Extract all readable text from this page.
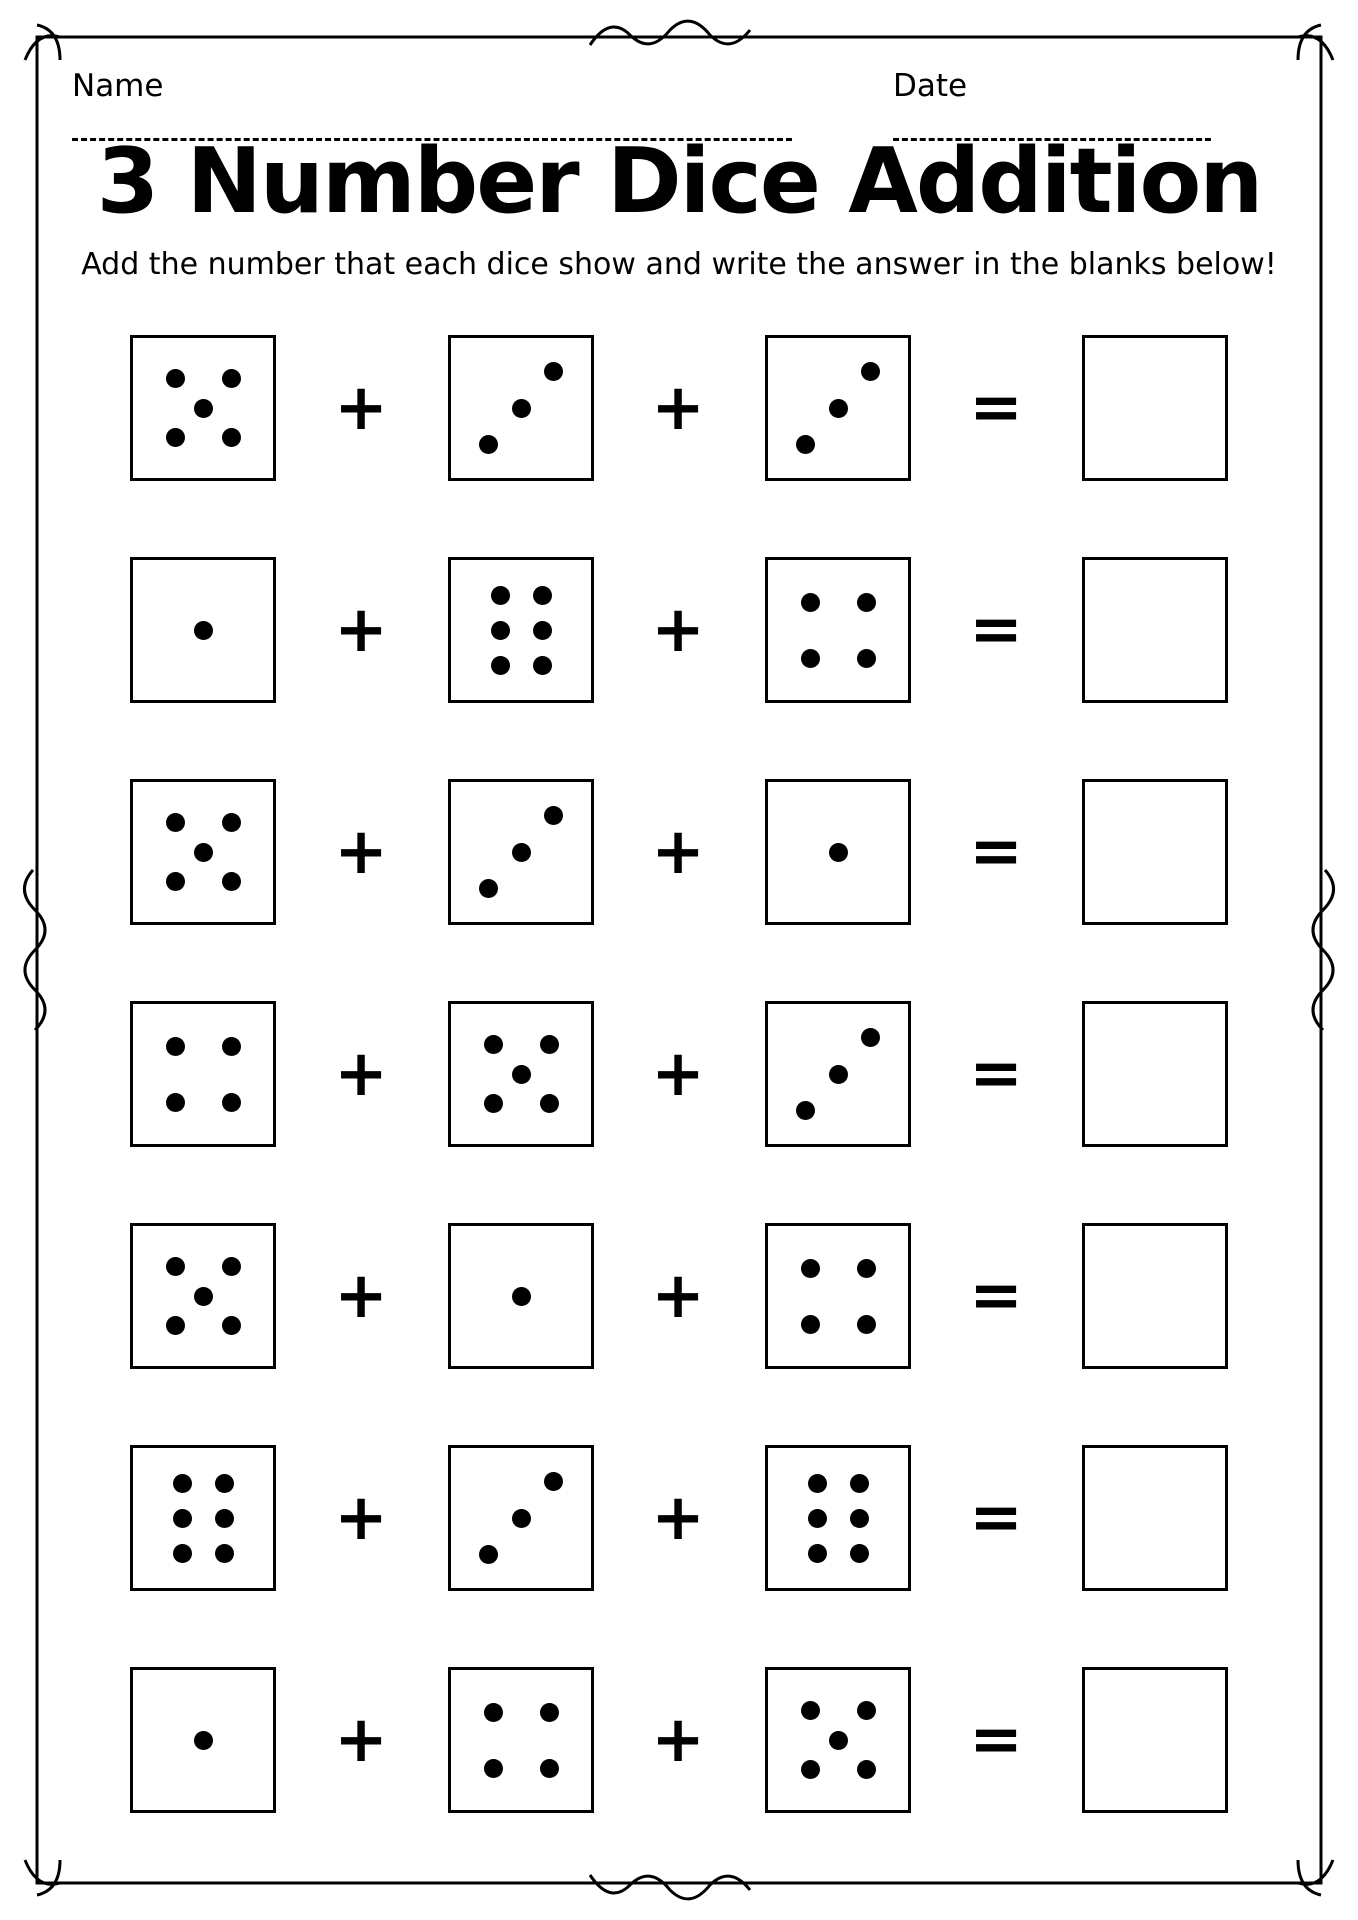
Name	Date
3 Number Dice Addition
Add the number that each dice show and write the answer in the blanks below!
+	+	=
+	+	=
+	+	=
+	+	=
+	+	=
+	+	=
+	+	=
